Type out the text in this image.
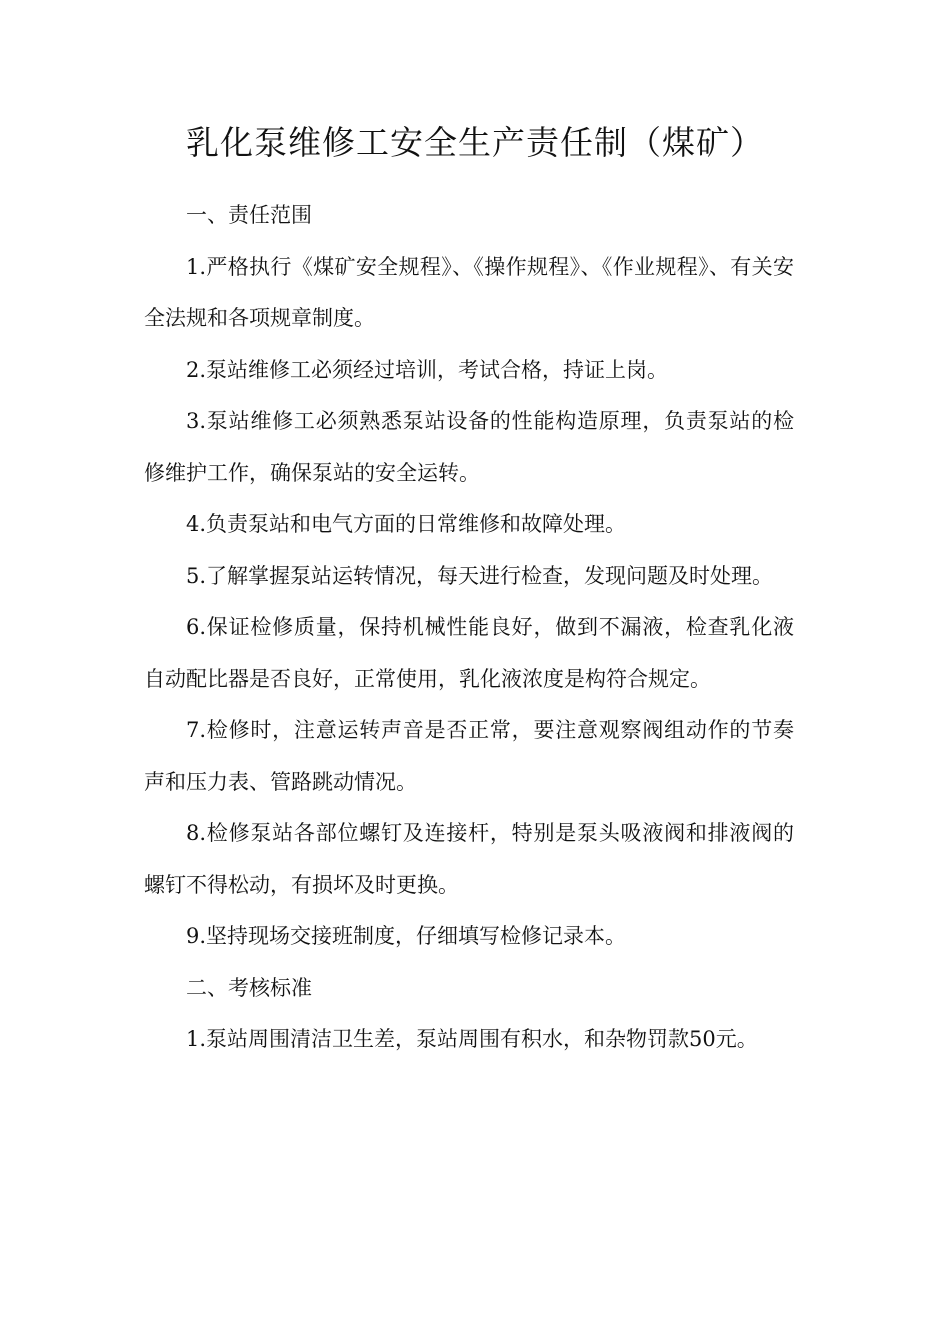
乳化泵维修工安全生产责任制（煤矿）

一、责任范围

1.严格执行《煤矿安全规程》、《操作规程》、《作业规程》、有关安全法规和各项规章制度。

2.泵站维修工必须经过培训，考试合格，持证上岗。

3.泵站维修工必须熟悉泵站设备的性能构造原理，负责泵站的检修维护工作，确保泵站的安全运转。

4.负责泵站和电气方面的日常维修和故障处理。

5.了解掌握泵站运转情况，每天进行检查，发现问题及时处理。

6.保证检修质量，保持机械性能良好，做到不漏液，检查乳化液自动配比器是否良好，正常使用，乳化液浓度是构符合规定。

7.检修时，注意运转声音是否正常，要注意观察阀组动作的节奏声和压力表、管路跳动情况。

8.检修泵站各部位螺钉及连接杆，特别是泵头吸液阀和排液阀的螺钉不得松动，有损坏及时更换。

9.坚持现场交接班制度，仔细填写检修记录本。

二、考核标准

1.泵站周围清洁卫生差，泵站周围有积水，和杂物罚款50元。
